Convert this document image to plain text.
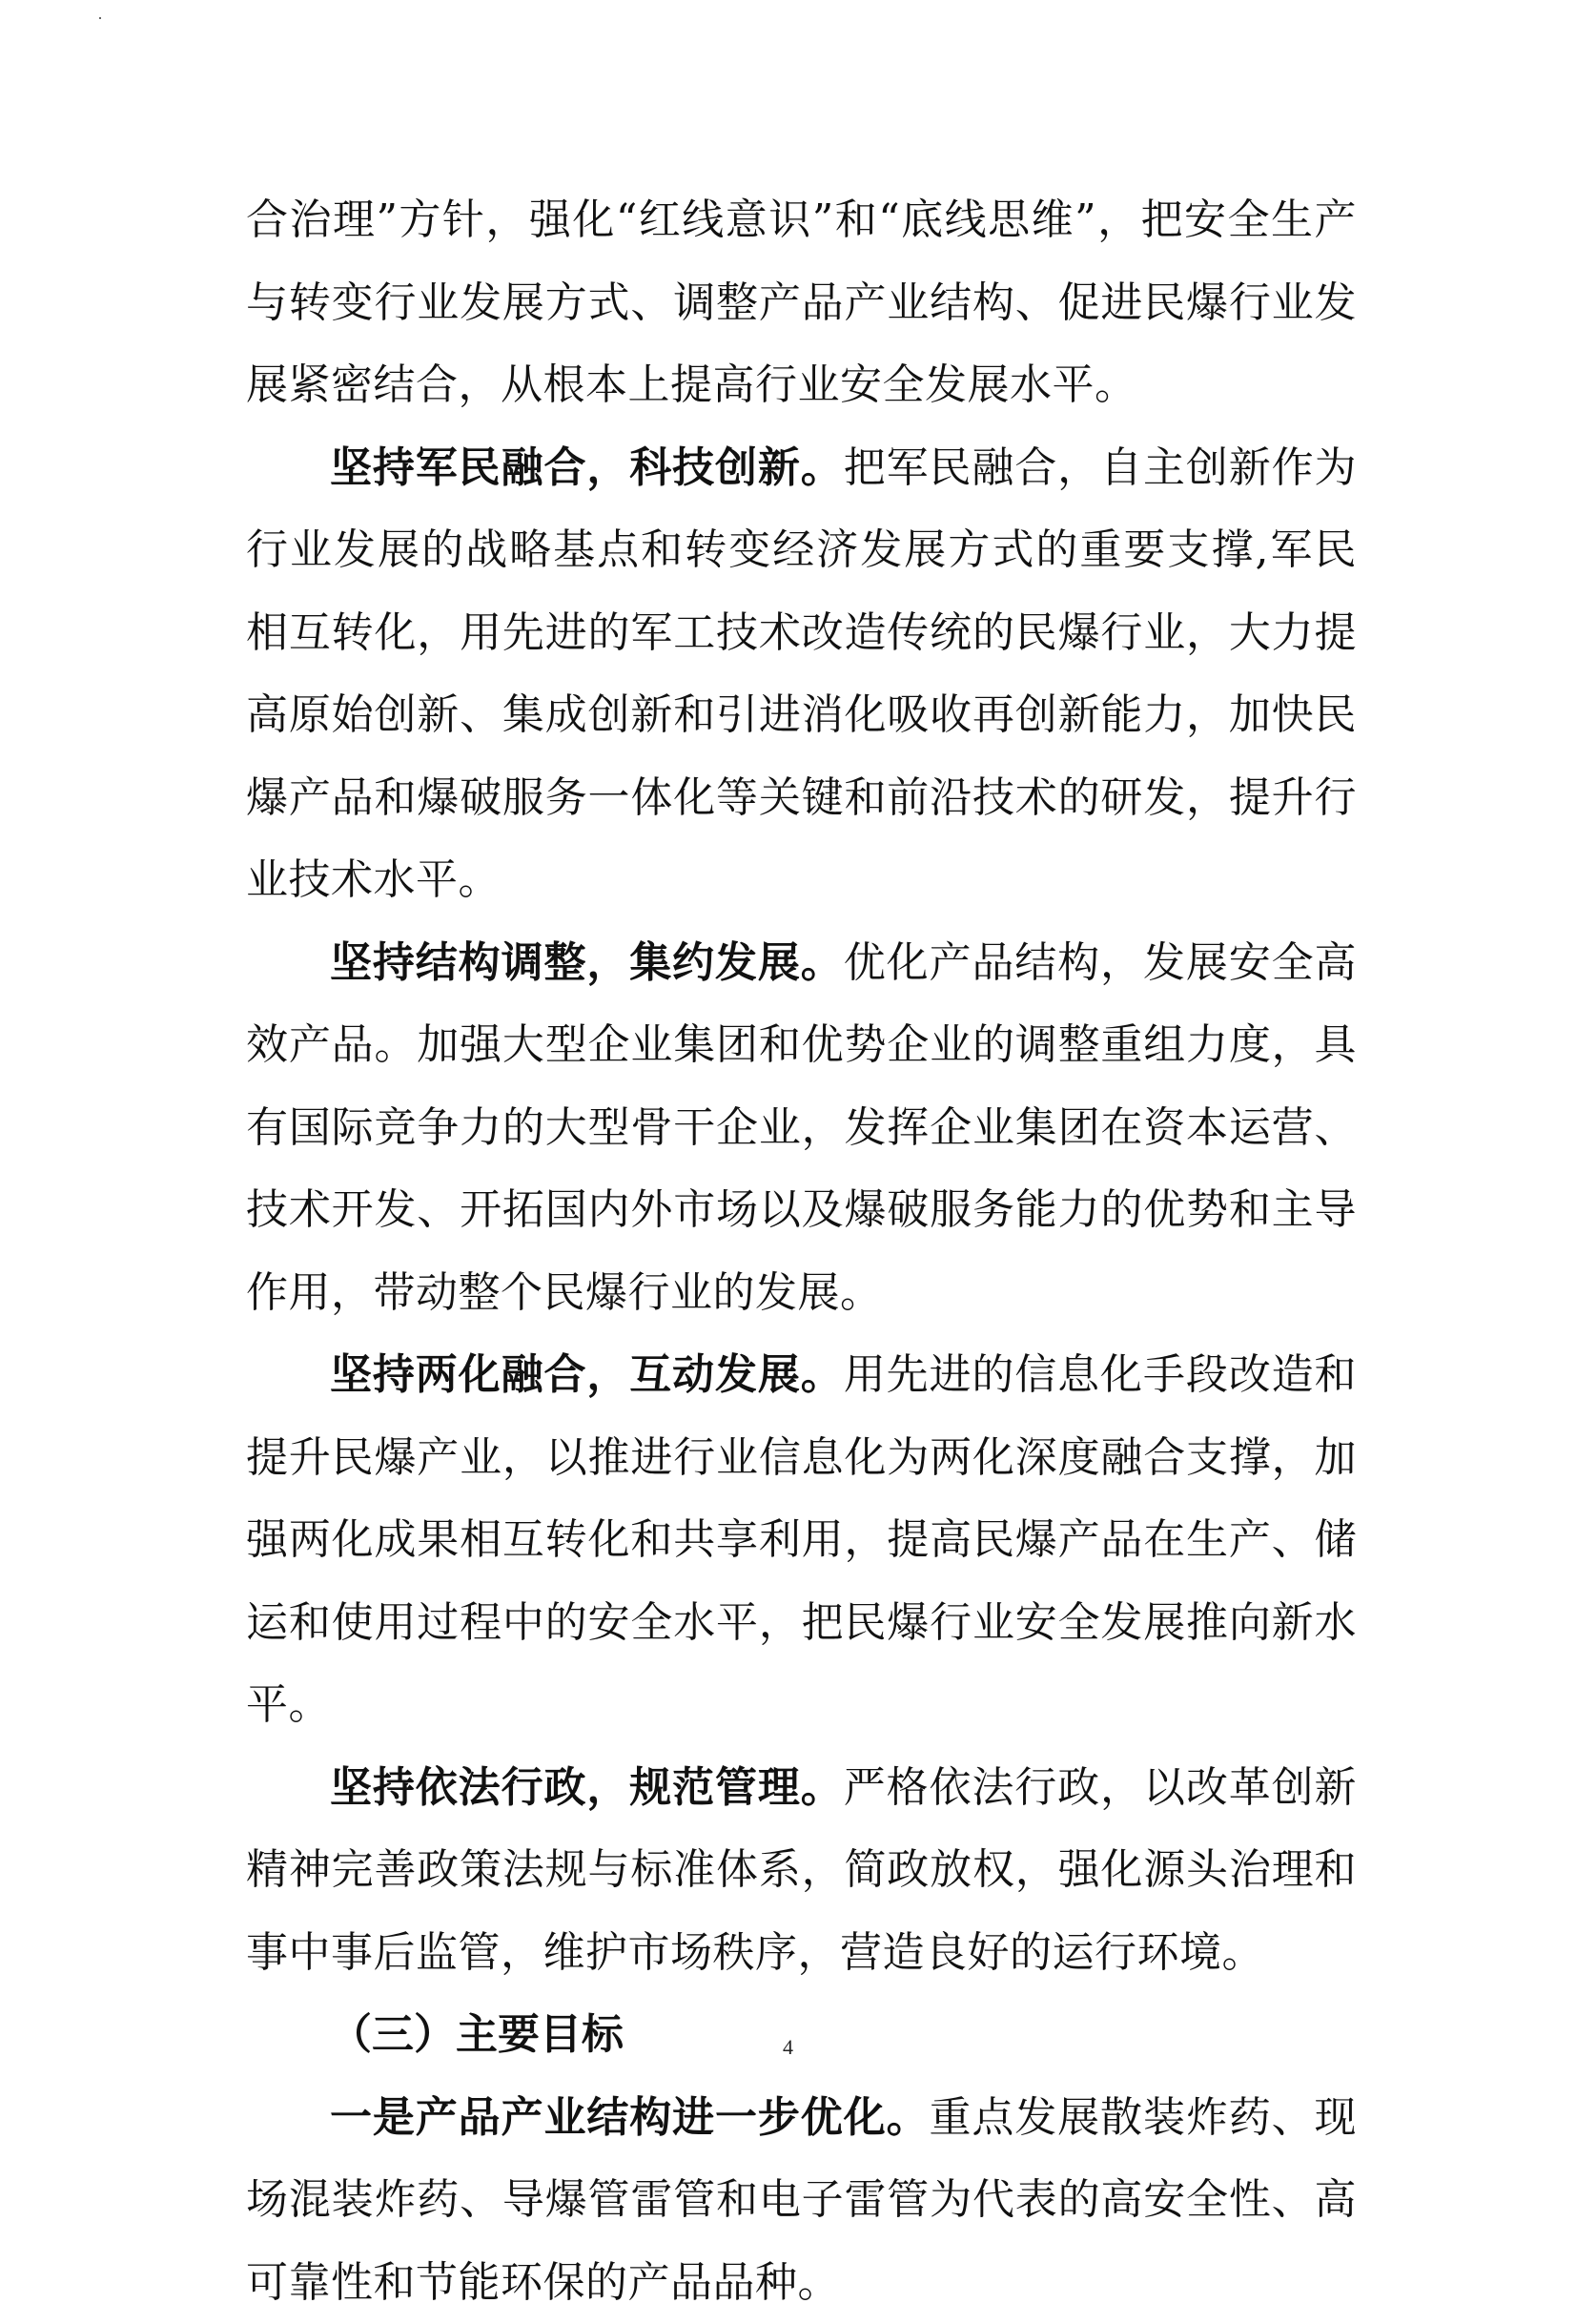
合治理”方针，强化“红线意识”和“底线思维”，把安全生产与转变行业发展方式、调整产品产业结构、促进民爆行业发展紧密结合，从根本上提高行业安全发展水平。

坚持军民融合，科技创新。把军民融合，自主创新作为行业发展的战略基点和转变经济发展方式的重要支撑,军民相互转化，用先进的军工技术改造传统的民爆行业，大力提高原始创新、集成创新和引进消化吸收再创新能力，加快民爆产品和爆破服务一体化等关键和前沿技术的研发，提升行业技术水平。

坚持结构调整，集约发展。优化产品结构，发展安全高效产品。加强大型企业集团和优势企业的调整重组力度，具有国际竞争力的大型骨干企业，发挥企业集团在资本运营、技术开发、开拓国内外市场以及爆破服务能力的优势和主导作用，带动整个民爆行业的发展。

坚持两化融合，互动发展。用先进的信息化手段改造和提升民爆产业，以推进行业信息化为两化深度融合支撑，加强两化成果相互转化和共享利用，提高民爆产品在生产、储运和使用过程中的安全水平，把民爆行业安全发展推向新水平。

坚持依法行政，规范管理。严格依法行政，以改革创新精神完善政策法规与标准体系，简政放权，强化源头治理和事中事后监管，维护市场秩序，营造良好的运行环境。

（三）主要目标

一是产品产业结构进一步优化。重点发展散装炸药、现场混装炸药、导爆管雷管和电子雷管为代表的高安全性、高可靠性和节能环保的产品品种。

4
